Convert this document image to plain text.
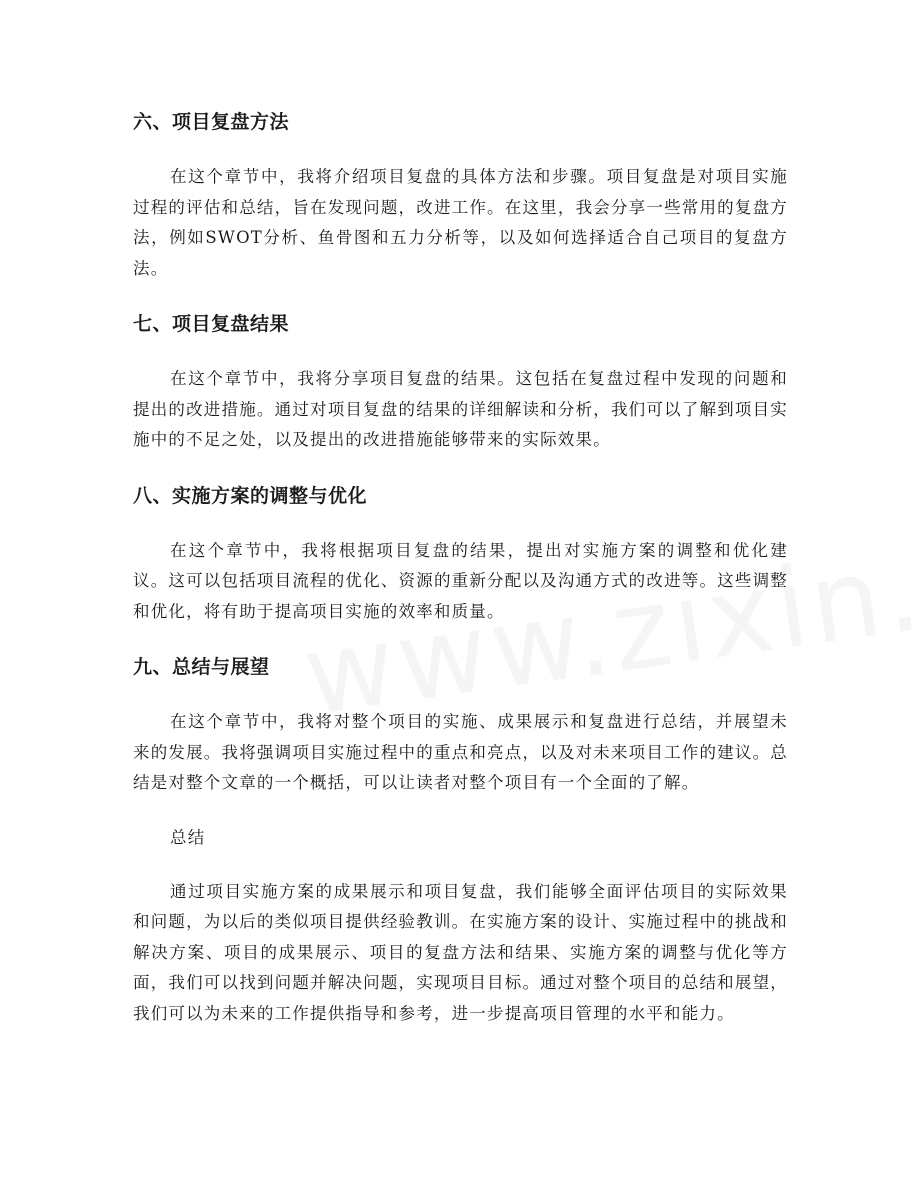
六、项目复盘方法

在这个章节中，我将介绍项目复盘的具体方法和步骤。项目复盘是对项目实施过程的评估和总结，旨在发现问题，改进工作。在这里，我会分享一些常用的复盘方法，例如SWOT分析、鱼骨图和五力分析等，以及如何选择适合自己项目的复盘方法。

七、项目复盘结果

在这个章节中，我将分享项目复盘的结果。这包括在复盘过程中发现的问题和提出的改进措施。通过对项目复盘的结果的详细解读和分析，我们可以了解到项目实施中的不足之处，以及提出的改进措施能够带来的实际效果。

八、实施方案的调整与优化

在这个章节中，我将根据项目复盘的结果，提出对实施方案的调整和优化建议。这可以包括项目流程的优化、资源的重新分配以及沟通方式的改进等。这些调整和优化，将有助于提高项目实施的效率和质量。

九、总结与展望

在这个章节中，我将对整个项目的实施、成果展示和复盘进行总结，并展望未来的发展。我将强调项目实施过程中的重点和亮点，以及对未来项目工作的建议。总结是对整个文章的一个概括，可以让读者对整个项目有一个全面的了解。

总结

通过项目实施方案的成果展示和项目复盘，我们能够全面评估项目的实际效果和问题，为以后的类似项目提供经验教训。在实施方案的设计、实施过程中的挑战和解决方案、项目的成果展示、项目的复盘方法和结果、实施方案的调整与优化等方面，我们可以找到问题并解决问题，实现项目目标。通过对整个项目的总结和展望，我们可以为未来的工作提供指导和参考，进一步提高项目管理的水平和能力。
